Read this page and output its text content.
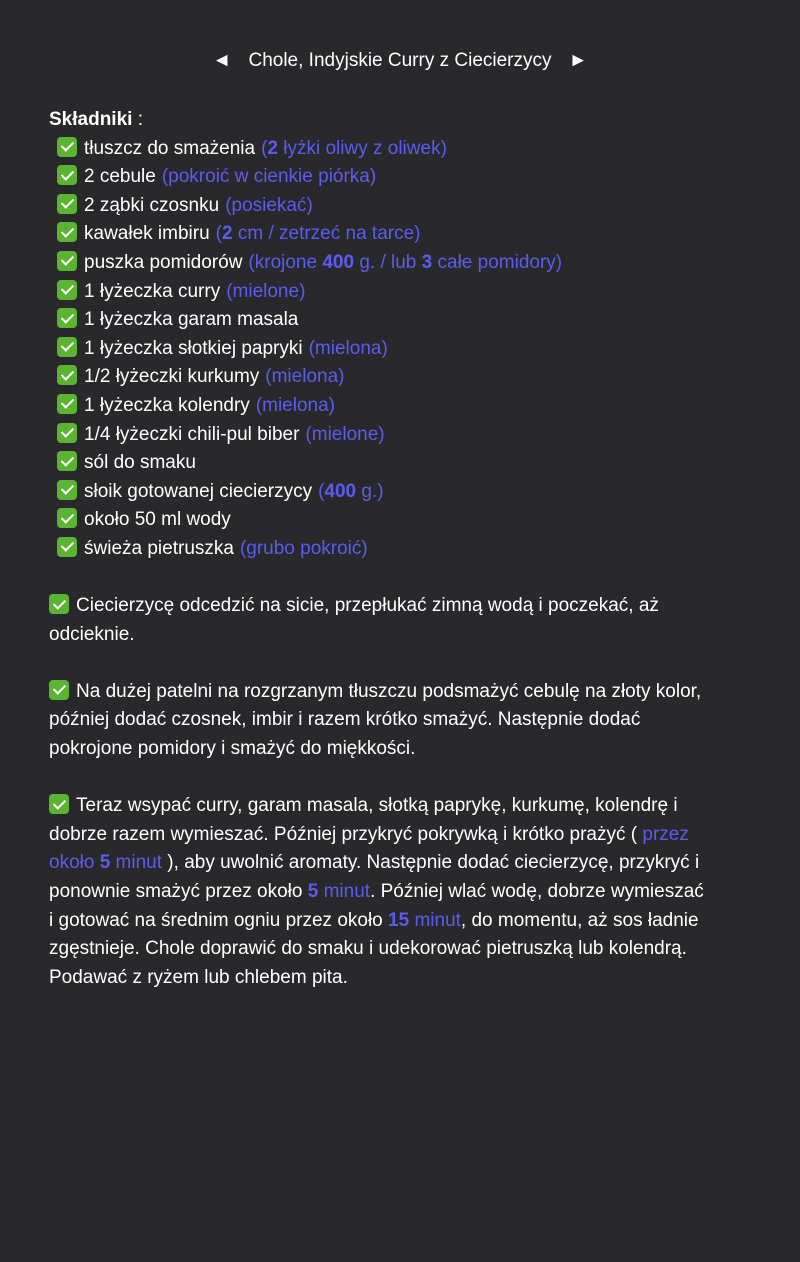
◄ Chole, Indyjskie Curry z Ciecierzycy ►
Składniki :
tłuszcz do smażenia (2 łyżki oliwy z oliwek)
2 cebule (pokroić w cienkie piórka)
2 ząbki czosnku (posiekać)
kawałek imbiru (2 cm / zetrzeć na tarce)
puszka pomidorów (krojone 400 g. / lub 3 całe pomidory)
1 łyżeczka curry (mielone)
1 łyżeczka garam masala
1 łyżeczka słotkiej papryki (mielona)
1/2 łyżeczki kurkumy (mielona)
1 łyżeczka kolendry (mielona)
1/4 łyżeczki chili-pul biber (mielone)
sól do smaku
słoik gotowanej ciecierzycy (400 g.)
około 50 ml wody
świeża pietruszka (grubo pokroić)

Ciecierzycę odcedzić na sicie, przepłukać zimną wodą i poczekać, aż
odcieknie.

Na dużej patelni na rozgrzanym tłuszczu podsmażyć cebulę na złoty kolor,
później dodać czosnek, imbir i razem krótko smażyć. Następnie dodać
pokrojone pomidory i smażyć do miękkości.

Teraz wsypać curry, garam masala, słotką paprykę, kurkumę, kolendrę i
dobrze razem wymieszać. Później przykryć pokrywką i krótko prażyć ( przez
około 5 minut ), aby uwolnić aromaty. Następnie dodać ciecierzycę, przykryć i
ponownie smażyć przez około 5 minut. Później wlać wodę, dobrze wymieszać
i gotować na średnim ogniu przez około 15 minut, do momentu, aż sos ładnie
zgęstnieje. Chole doprawić do smaku i udekorować pietruszką lub kolendrą.
Podawać z ryżem lub chlebem pita.
